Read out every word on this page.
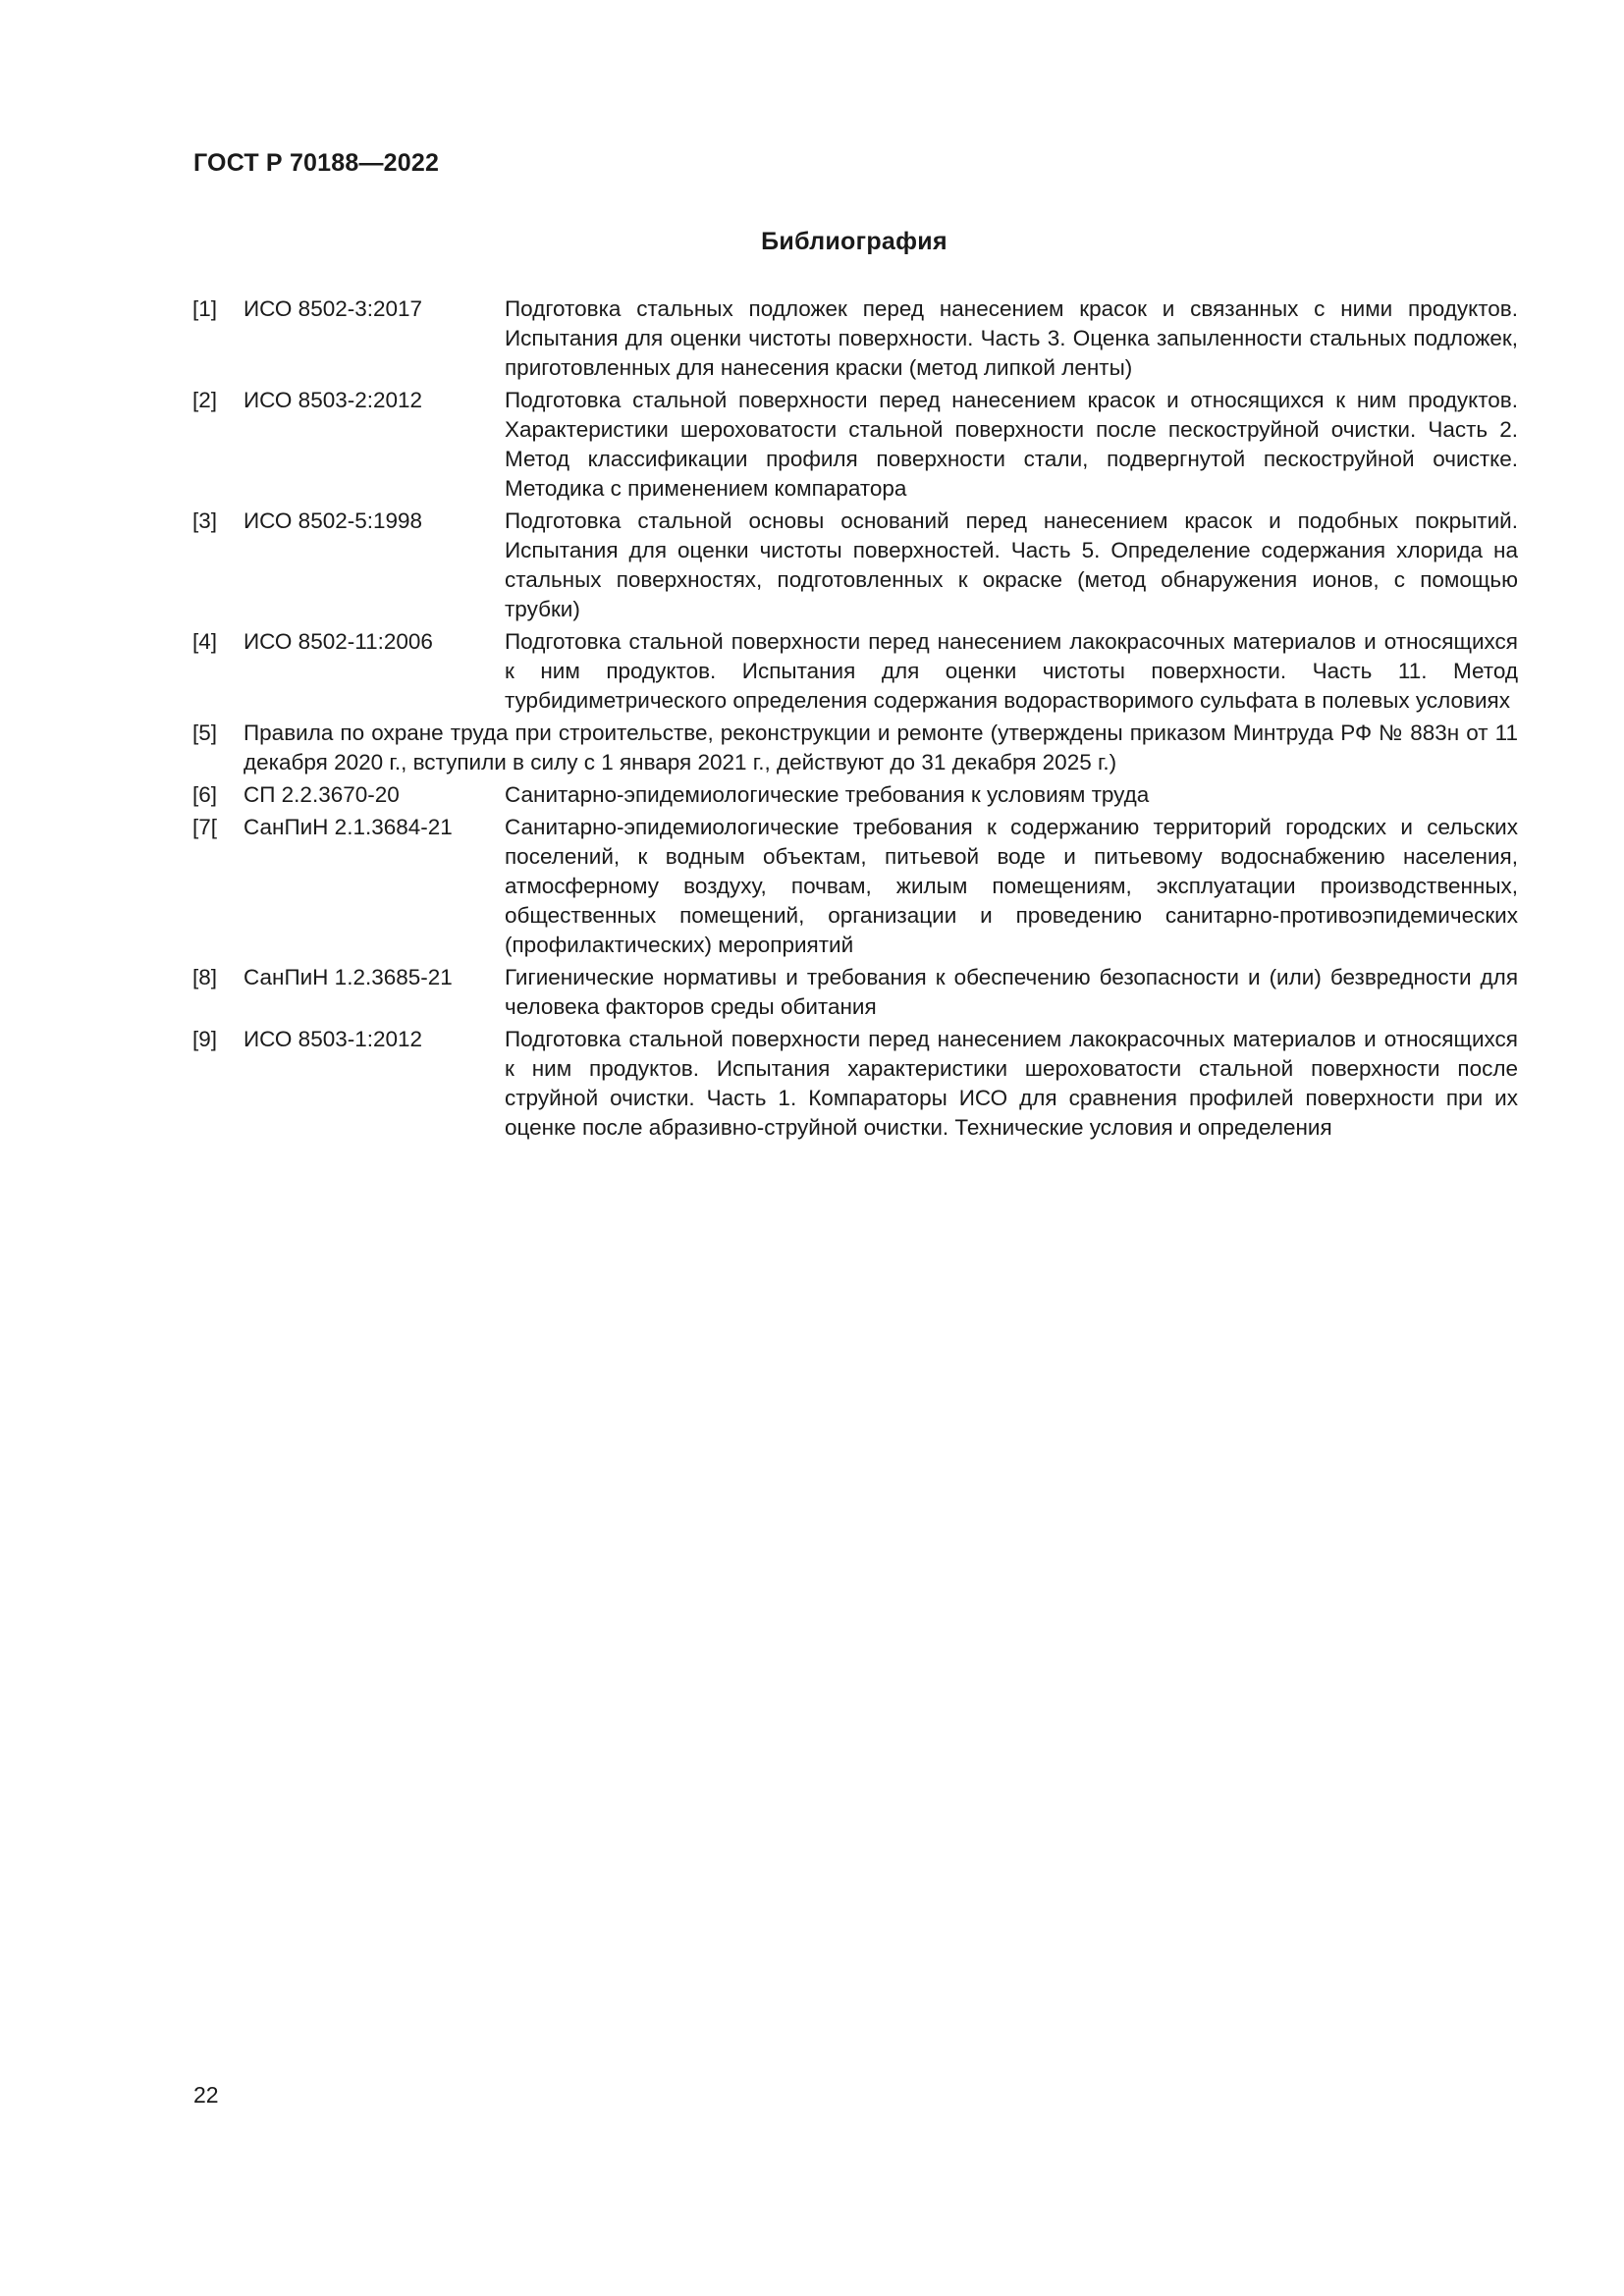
ГОСТ Р 70188—2022
Библиография
[1]	ИСО 8502-3:2017	Подготовка стальных подложек перед нанесением красок и связанных с ними продуктов. Испытания для оценки чистоты поверхности. Часть 3. Оценка запыленности стальных подложек, приготовленных для нанесения краски (метод липкой ленты)
[2]	ИСО 8503-2:2012	Подготовка стальной поверхности перед нанесением красок и относящихся к ним продуктов. Характеристики шероховатости стальной поверхности после пескоструйной очистки. Часть 2. Метод классификации профиля поверхности стали, подвергнутой пескоструйной очистке. Методика с применением компаратора
[3]	ИСО 8502-5:1998	Подготовка стальной основы оснований перед нанесением красок и подобных покрытий. Испытания для оценки чистоты поверхностей. Часть 5. Определение содержания хлорида на стальных поверхностях, подготовленных к окраске (метод обнаружения ионов, с помощью трубки)
[4]	ИСО 8502-11:2006	Подготовка стальной поверхности перед нанесением лакокрасочных материалов и относящихся к ним продуктов. Испытания для оценки чистоты поверхности. Часть 11. Метод турбидиметрического определения содержания водорастворимого сульфата в полевых условиях
[5]	Правила по охране труда при строительстве, реконструкции и ремонте (утверждены приказом Минтруда РФ № 883н от 11 декабря 2020 г., вступили в силу с 1 января 2021 г., действуют до 31 декабря 2025 г.)
[6]	СП 2.2.3670-20	Санитарно-эпидемиологические требования к условиям труда
[7[	СанПиН 2.1.3684-21	Санитарно-эпидемиологические требования к содержанию территорий городских и сельских поселений, к водным объектам, питьевой воде и питьевому водоснабжению населения, атмосферному воздуху, почвам, жилым помещениям, эксплуатации производственных, общественных помещений, организации и проведению санитарно-противоэпидемических (профилактических) мероприятий
[8]	СанПиН 1.2.3685-21	Гигиенические нормативы и требования к обеспечению безопасности и (или) безвредности для человека факторов среды обитания
[9]	ИСО 8503-1:2012	Подготовка стальной поверхности перед нанесением лакокрасочных материалов и относящихся к ним продуктов. Испытания характеристики шероховатости стальной поверхности после струйной очистки. Часть 1. Компараторы ИСО для сравнения профилей поверхности при их оценке после абразивно-струйной очистки. Технические условия и определения
22
